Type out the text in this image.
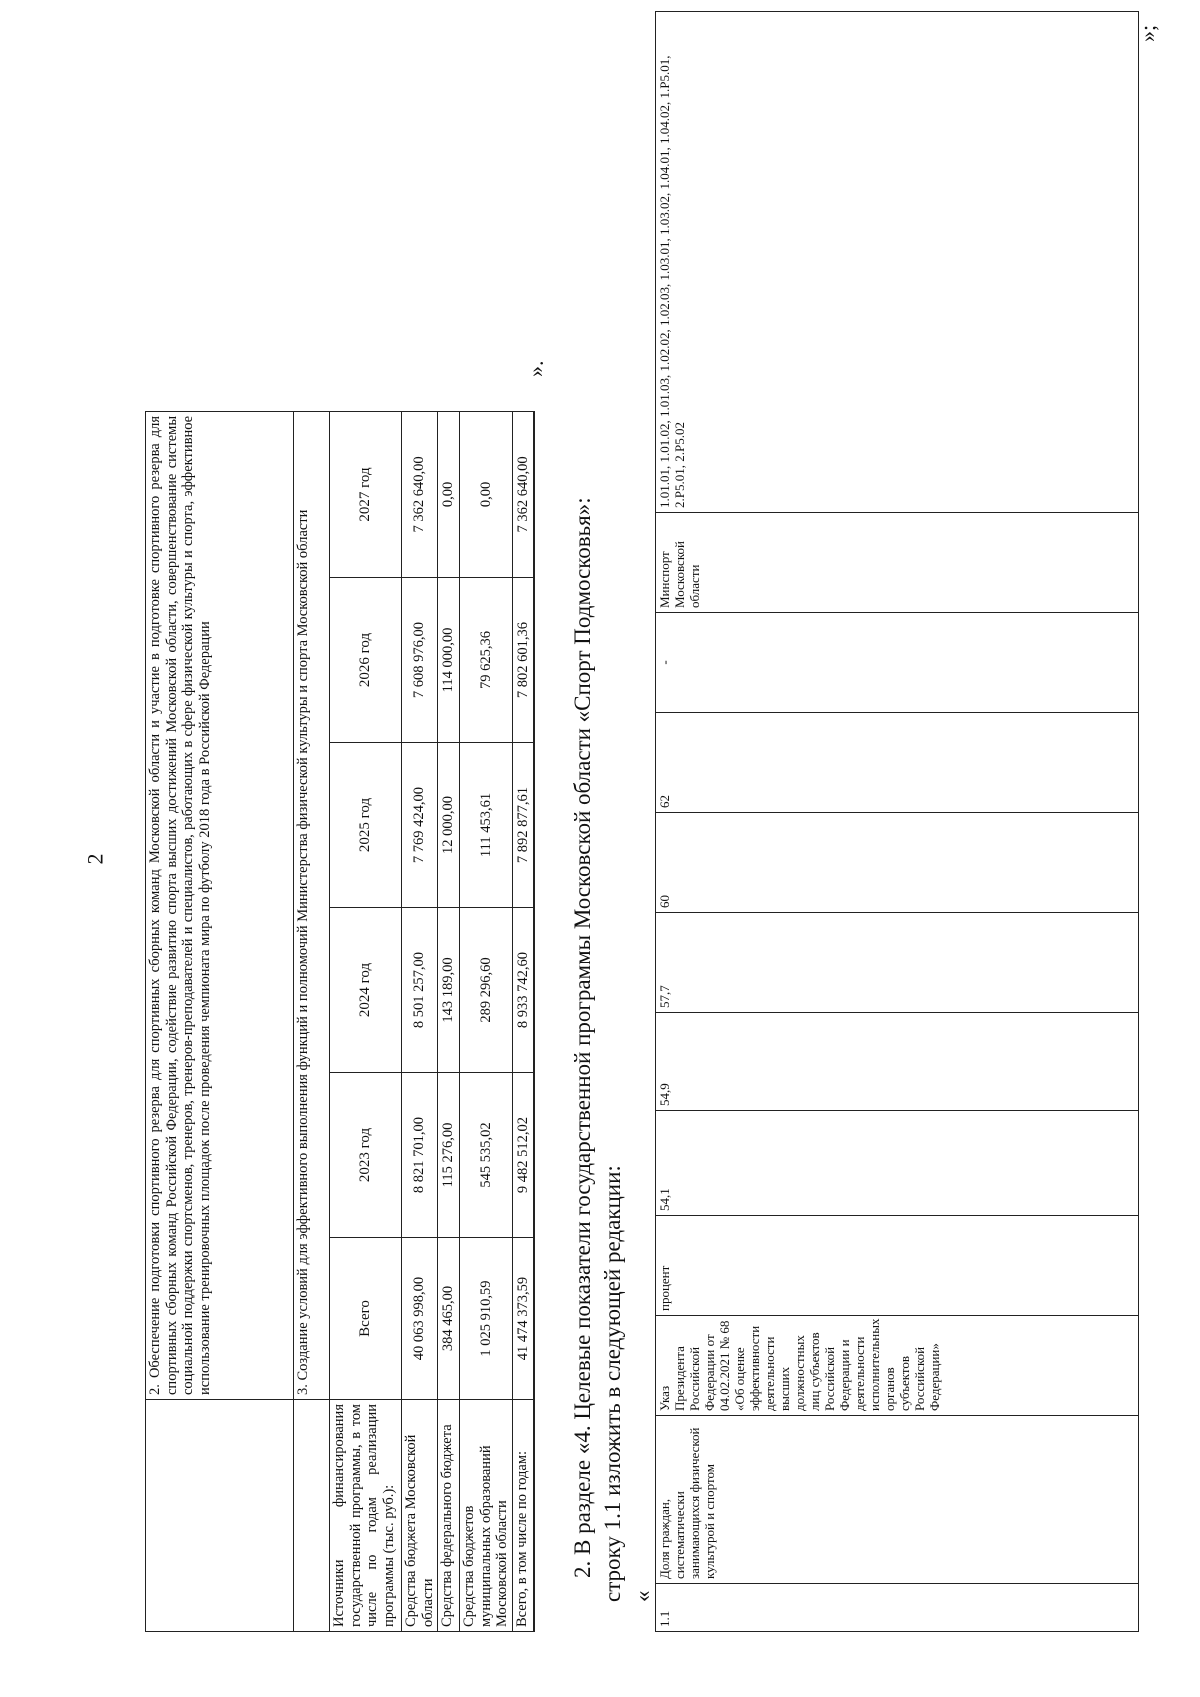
2
		2. Обеспечение подготовки спортивного резерва для спортивных сборных команд Московской области и участие в подготовке спортивного резерва для спортивных сборных команд Российской Федерации, содействие развитию спорта высших достижений Московской области, совершенствование системы социальной поддержки спортсменов, тренеров, тренеров-преподавателей и специалистов, работающих в сфере физической культуры и спорта, эффективное использование тренировочных площадок после проведения чемпионата мира по футболу 2018 года в Российской Федерации					
	3. Создание условий для эффективного выполнения функций и полномочий Министерства физической культуры и спорта Московской области					
Источники финансирования государственной программы, в том числе по годам реализации программы (тыс. руб.):	Всего	2023 год	2024 год	2025 год	2026 год	2027 год
Средства бюджета Московской области	40 063 998,00	8 821 701,00	8 501 257,00	7 769 424,00	7 608 976,00	7 362 640,00
Средства федерального бюджета	384 465,00	115 276,00	143 189,00	12 000,00	114 000,00	0,00
Средства бюджетов муниципальных образований Московской области	1 025 910,59	545 535,02	289 296,60	111 453,61	79 625,36	0,00
Всего, в том числе по годам:	41 474 373,59	9 482 512,02	8 933 742,60	7 892 877,61	7 802 601,36	7 362 640,00
».

2. В разделе «4. Целевые показатели государственной программы Московской области «Спорт Подмосковья»: строку 1.1 изложить в следующей редакции: «

1.1	Доля граждан, систематически занимающихся физической культурой и спортом	Указ Президента Российской Федерации от 04.02.2021 № 68 «Об оценке эффективности деятельности высших должностных лиц субъектов Российской Федерации и деятельности исполнительных органов субъектов Российской Федерации»	процент	54,1	54,9	57,7	60	62	-	Минспорт Московской области	1.01.01, 1.01.02, 1.01.03, 1.02.02, 1.02.03, 1.03.01, 1.03.02, 1.04.01, 1.04.02, 1.P5.01, 2.P5.01, 2.P5.02
»;
